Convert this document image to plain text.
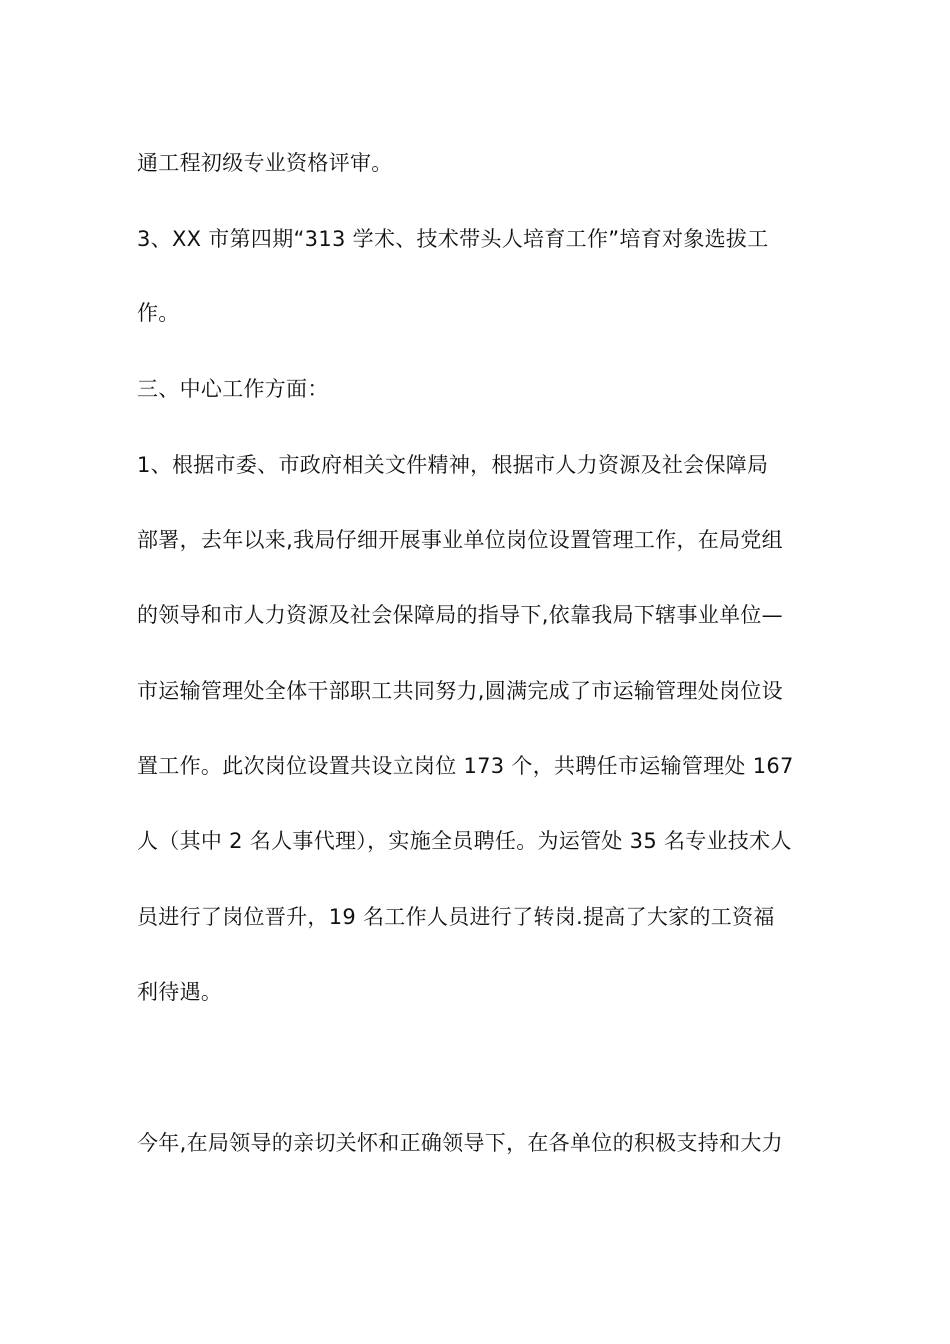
通工程初级专业资格评审。
3、XX 市第四期“313 学术、技术带头人培育工作”培育对象选拔工
作。
三、中心工作方面：
1、根据市委、市政府相关文件精神，根据市人力资源及社会保障局
部署，去年以来,我局仔细开展事业单位岗位设置管理工作，在局党组
的领导和市人力资源及社会保障局的指导下,依靠我局下辖事业单位—
市运输管理处全体干部职工共同努力,圆满完成了市运输管理处岗位设
置工作。此次岗位设置共设立岗位 173 个，共聘任市运输管理处 167
人（其中 2 名人事代理），实施全员聘任。为运管处 35 名专业技术人
员进行了岗位晋升，19 名工作人员进行了转岗.提高了大家的工资福
利待遇。
今年,在局领导的亲切关怀和正确领导下，在各单位的积极支持和大力
